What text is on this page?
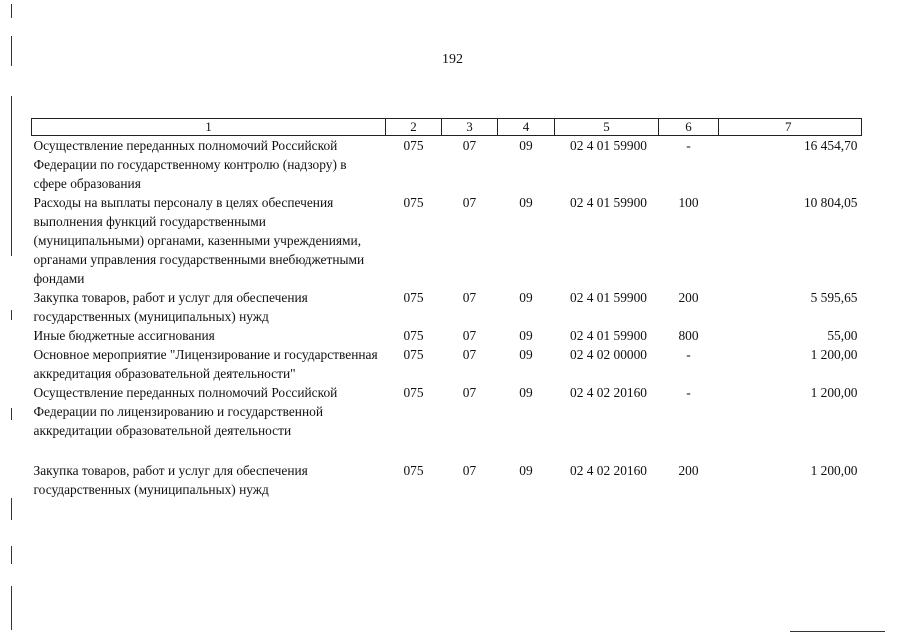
192
1	2	3	4	5	6	7
Осуществление переданных полномочий Российской Федерации по государственному контролю (надзору) в сфере образования	075	07	09	02 4 01 59900	-	16 454,70
Расходы на выплаты персоналу в целях обеспечения выполнения функций государственными (муниципальными) органами, казенными учреждениями, органами управления государственными внебюджетными фондами	075	07	09	02 4 01 59900	100	10 804,05
Закупка товаров, работ и услуг для обеспечения государственных (муниципальных) нужд	075	07	09	02 4 01 59900	200	5 595,65
Иные бюджетные ассигнования	075	07	09	02 4 01 59900	800	55,00
Основное мероприятие "Лицензирование и государственная аккредитация образовательной деятельности"	075	07	09	02 4 02 00000	-	1 200,00
Осуществление переданных полномочий Российской Федерации по лицензированию и государственной аккредитации образовательной деятельности	075	07	09	02 4 02 20160	-	1 200,00

Закупка товаров, работ и услуг для обеспечения государственных (муниципальных) нужд	075	07	09	02 4 02 20160	200	1 200,00
